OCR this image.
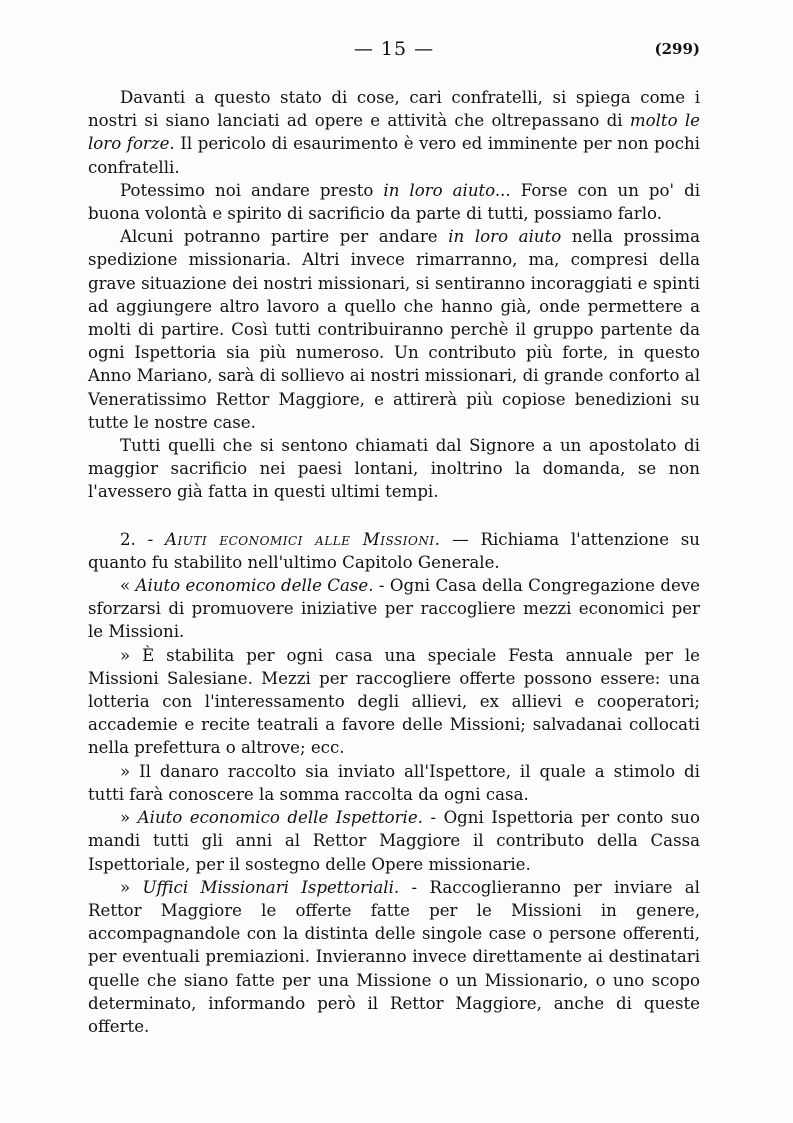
— 15 —	(299)

Davanti a questo stato di cose, cari confratelli, si spiega come i nostri si siano lanciati ad opere e attività che oltrepassano di molto le loro forze. Il pericolo di esaurimento è vero ed imminente per non pochi confratelli.

Potessimo noi andare presto in loro aiuto... Forse con un po' di buona volontà e spirito di sacrificio da parte di tutti, possiamo farlo.

Alcuni potranno partire per andare in loro aiuto nella prossima spedizione missionaria. Altri invece rimarranno, ma, compresi della grave situazione dei nostri missionari, si sentiranno incoraggiati e spinti ad aggiungere altro lavoro a quello che hanno già, onde permettere a molti di partire. Così tutti contribuiranno perchè il gruppo partente da ogni Ispettoria sia più numeroso. Un contributo più forte, in questo Anno Mariano, sarà di sollievo ai nostri missionari, di grande conforto al Veneratissimo Rettor Maggiore, e attirerà più copiose benedizioni su tutte le nostre case.

Tutti quelli che si sentono chiamati dal Signore a un apostolato di maggior sacrificio nei paesi lontani, inoltrino la domanda, se non l'avessero già fatta in questi ultimi tempi.

2. - Aiuti economici alle Missioni. — Richiama l'attenzione su quanto fu stabilito nell'ultimo Capitolo Generale.

« Aiuto economico delle Case. - Ogni Casa della Congregazione deve sforzarsi di promuovere iniziative per raccogliere mezzi economici per le Missioni.

» È stabilita per ogni casa una speciale Festa annuale per le Missioni Salesiane. Mezzi per raccogliere offerte possono essere: una lotteria con l'interessamento degli allievi, ex allievi e cooperatori; accademie e recite teatrali a favore delle Missioni; salvadanai collocati nella prefettura o altrove; ecc.

» Il danaro raccolto sia inviato all'Ispettore, il quale a stimolo di tutti farà conoscere la somma raccolta da ogni casa.

» Aiuto economico delle Ispettorie. - Ogni Ispettoria per conto suo mandi tutti gli anni al Rettor Maggiore il contributo della Cassa Ispettoriale, per il sostegno delle Opere missionarie.

» Uffici Missionari Ispettoriali. - Raccoglieranno per inviare al Rettor Maggiore le offerte fatte per le Missioni in genere, accompagnandole con la distinta delle singole case o persone offerenti, per eventuali premiazioni. Invieranno invece direttamente ai destinatari quelle che siano fatte per una Missione o un Missionario, o uno scopo determinato, informando però il Rettor Maggiore, anche di queste offerte.
